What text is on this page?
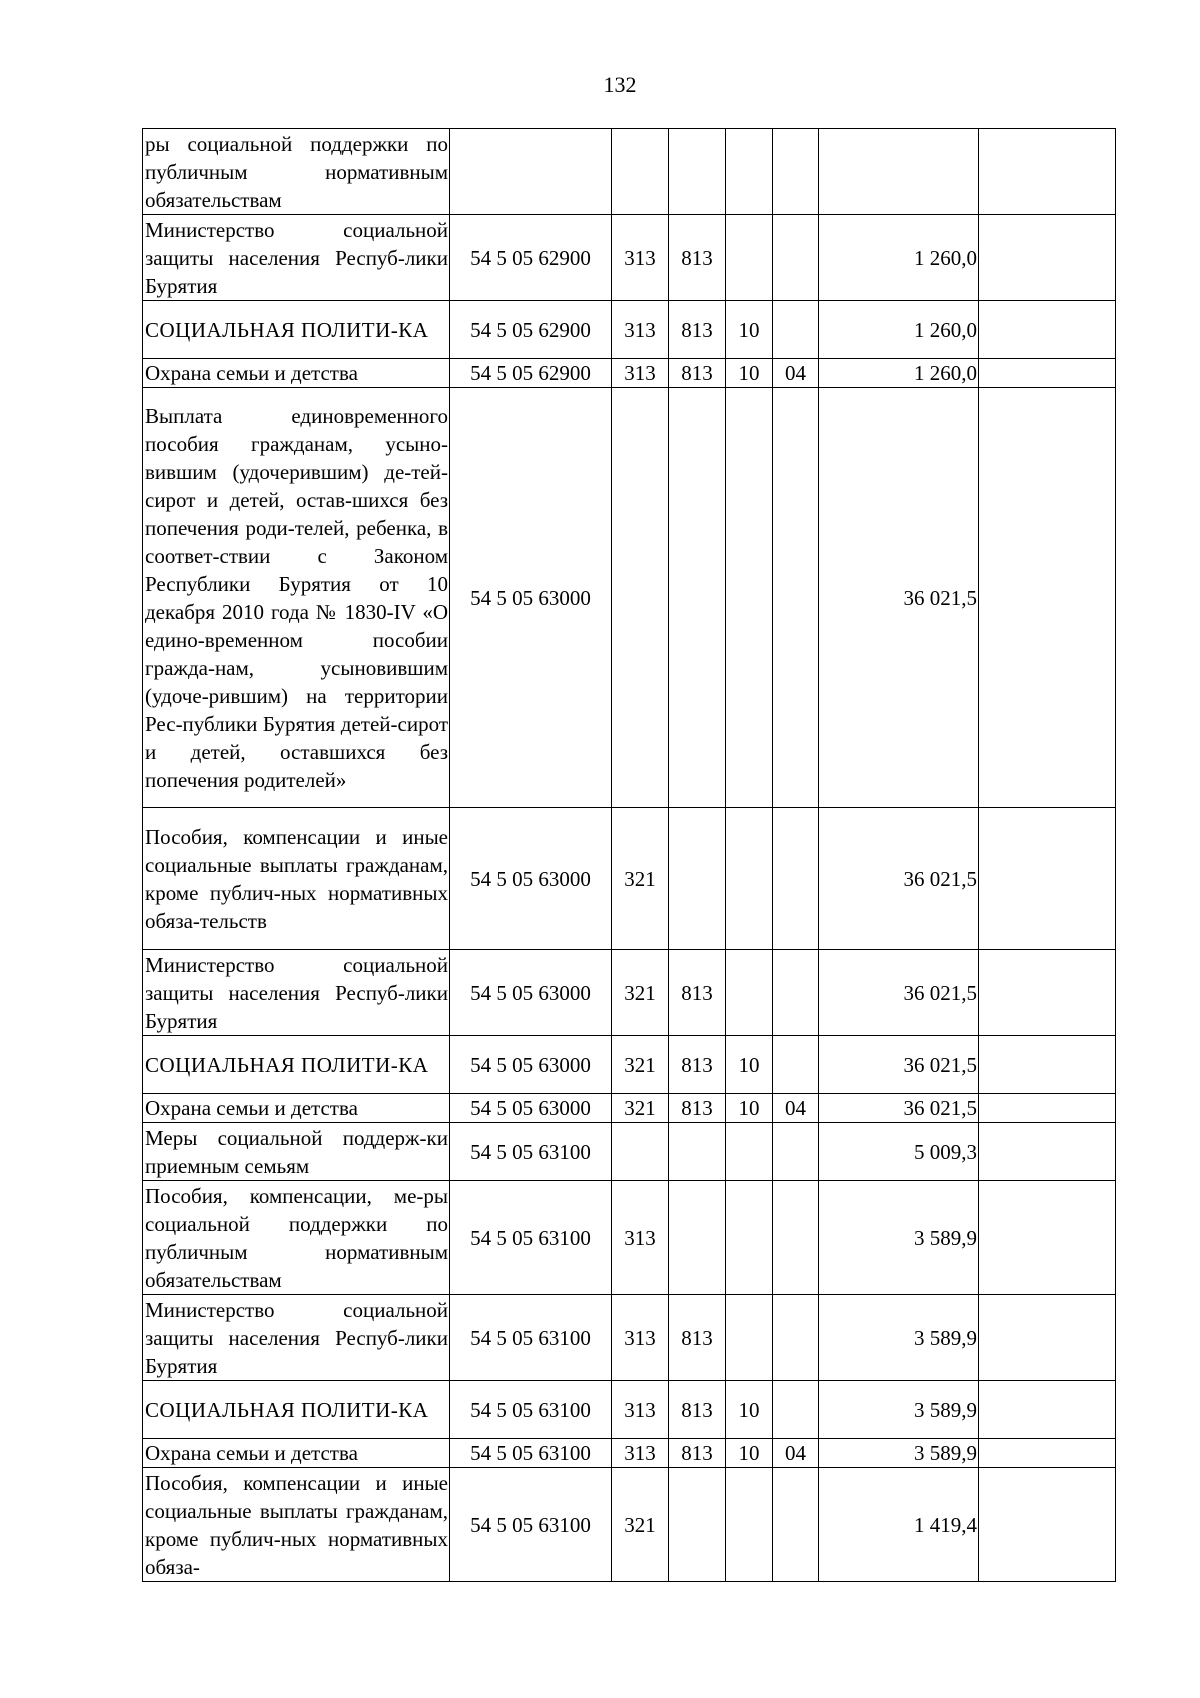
132
ры социальной поддержки по публичным нормативным обязательствам							
Министерство социальной защиты населения Респуб-лики Бурятия	54 5 05 62900	313	813			1 260,0	
СОЦИАЛЬНАЯ ПОЛИТИ-КА	54 5 05 62900	313	813	10		1 260,0	
Охрана семьи и детства	54 5 05 62900	313	813	10	04	1 260,0	
Выплата единовременного пособия гражданам, усыно-вившим (удочерившим) де-тей-сирот и детей, остав-шихся без попечения роди-телей, ребенка, в соответ-ствии с Законом Республики Бурятия от 10 декабря 2010 года № 1830-IV «О едино-временном пособии гражда-нам, усыновившим (удоче-рившим) на территории Рес-публики Бурятия детей-сирот и детей, оставшихся без попечения родителей»	54 5 05 63000					36 021,5	
Пособия, компенсации и иные социальные выплаты гражданам, кроме публич-ных нормативных обяза-тельств	54 5 05 63000	321				36 021,5	
Министерство социальной защиты населения Респуб-лики Бурятия	54 5 05 63000	321	813			36 021,5	
СОЦИАЛЬНАЯ ПОЛИТИ-КА	54 5 05 63000	321	813	10		36 021,5	
Охрана семьи и детства	54 5 05 63000	321	813	10	04	36 021,5	
Меры социальной поддерж-ки приемным семьям	54 5 05 63100					5 009,3	
Пособия, компенсации, ме-ры социальной поддержки по публичным нормативным обязательствам	54 5 05 63100	313				3 589,9	
Министерство социальной защиты населения Респуб-лики Бурятия	54 5 05 63100	313	813			3 589,9	
СОЦИАЛЬНАЯ ПОЛИТИ-КА	54 5 05 63100	313	813	10		3 589,9	
Охрана семьи и детства	54 5 05 63100	313	813	10	04	3 589,9	
Пособия, компенсации и иные социальные выплаты гражданам, кроме публич-ных нормативных обяза-	54 5 05 63100	321				1 419,4	
